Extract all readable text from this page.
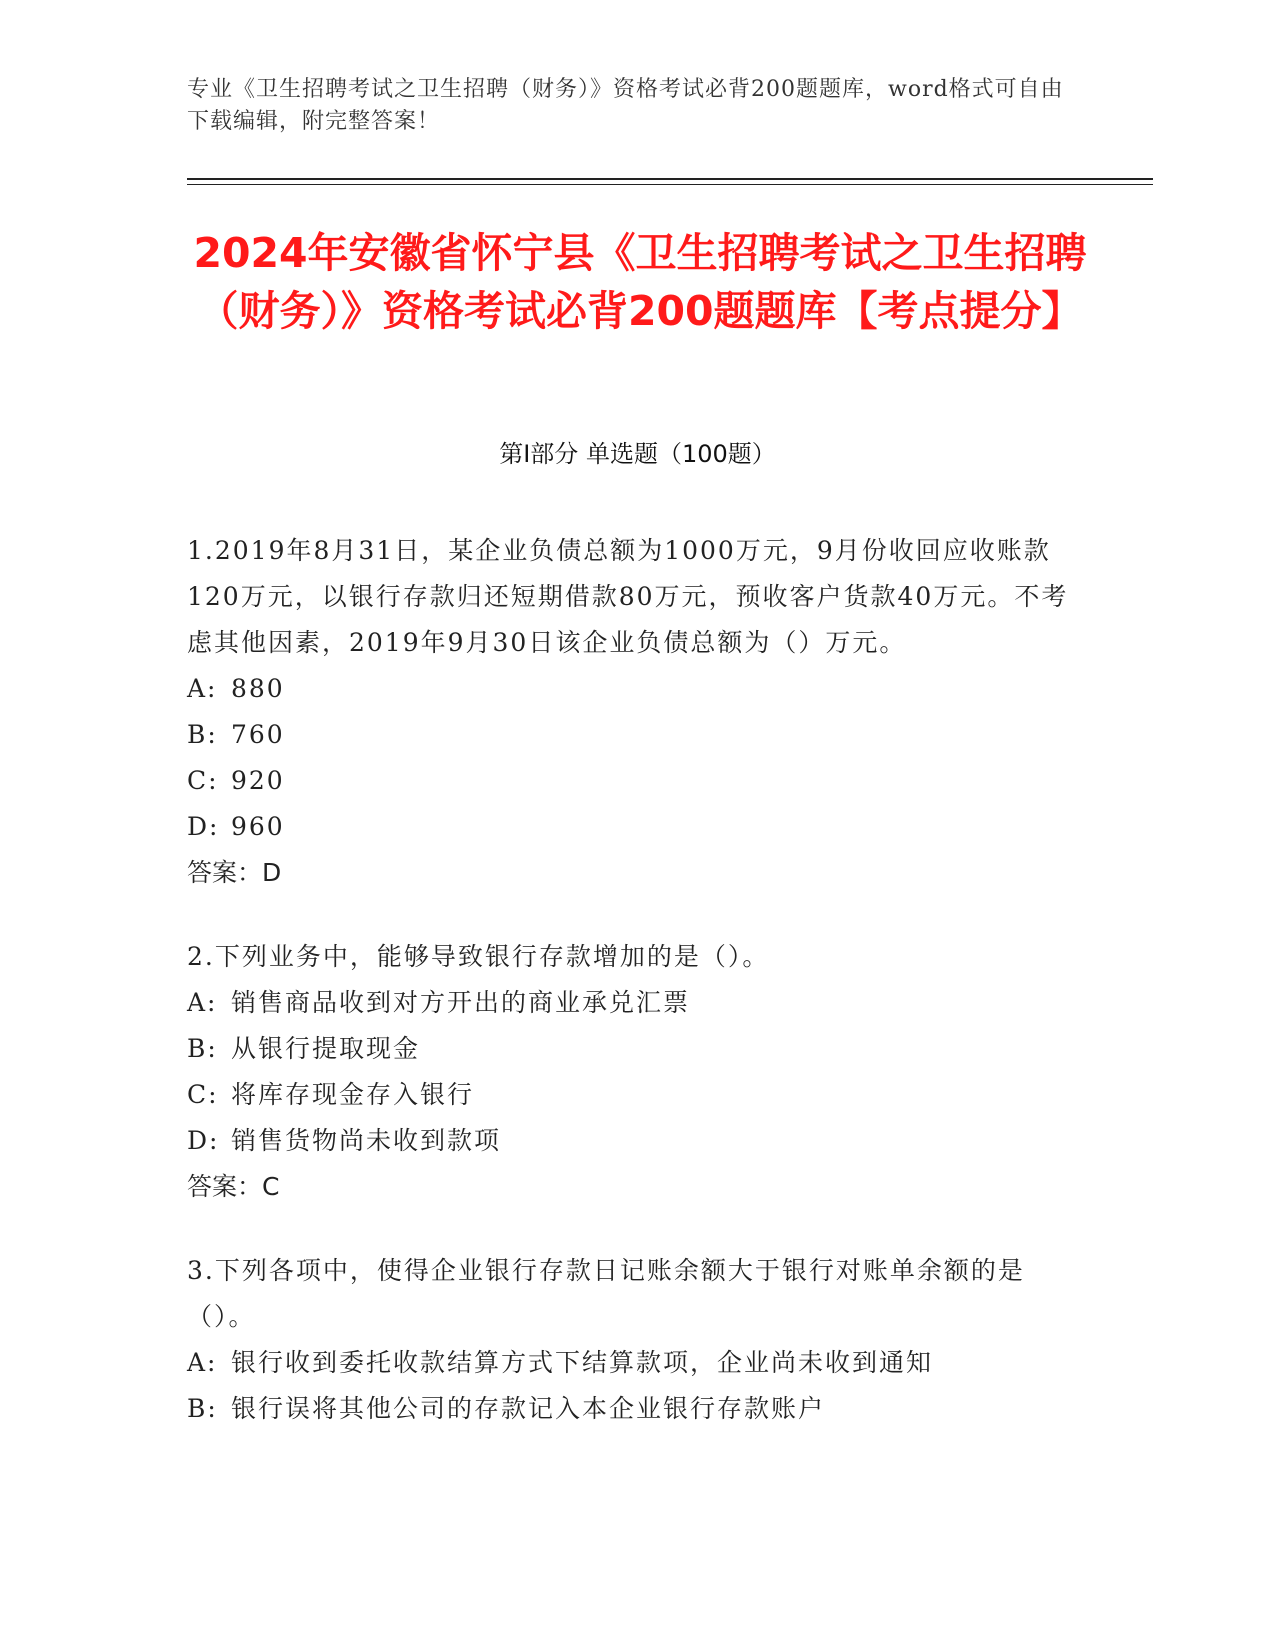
专业《卫生招聘考试之卫生招聘（财务）》资格考试必背200题题库，word格式可自由下载编辑，附完整答案！
2024年安徽省怀宁县《卫生招聘考试之卫生招聘（财务）》资格考试必背200题题库【考点提分】
第Ⅰ部分 单选题（100题）

1.2019年8月31日，某企业负债总额为1000万元，9月份收回应收账款120万元，以银行存款归还短期借款80万元，预收客户货款40万元。不考虑其他因素，2019年9月30日该企业负债总额为（）万元。

A: 880

B: 760

C: 920

D: 960

答案：D

2.下列业务中，能够导致银行存款增加的是（）。

A: 销售商品收到对方开出的商业承兑汇票

B: 从银行提取现金

C: 将库存现金存入银行

D: 销售货物尚未收到款项

答案：C

3.下列各项中，使得企业银行存款日记账余额大于银行对账单余额的是（）。

A: 银行收到委托收款结算方式下结算款项，企业尚未收到通知

B: 银行误将其他公司的存款记入本企业银行存款账户
